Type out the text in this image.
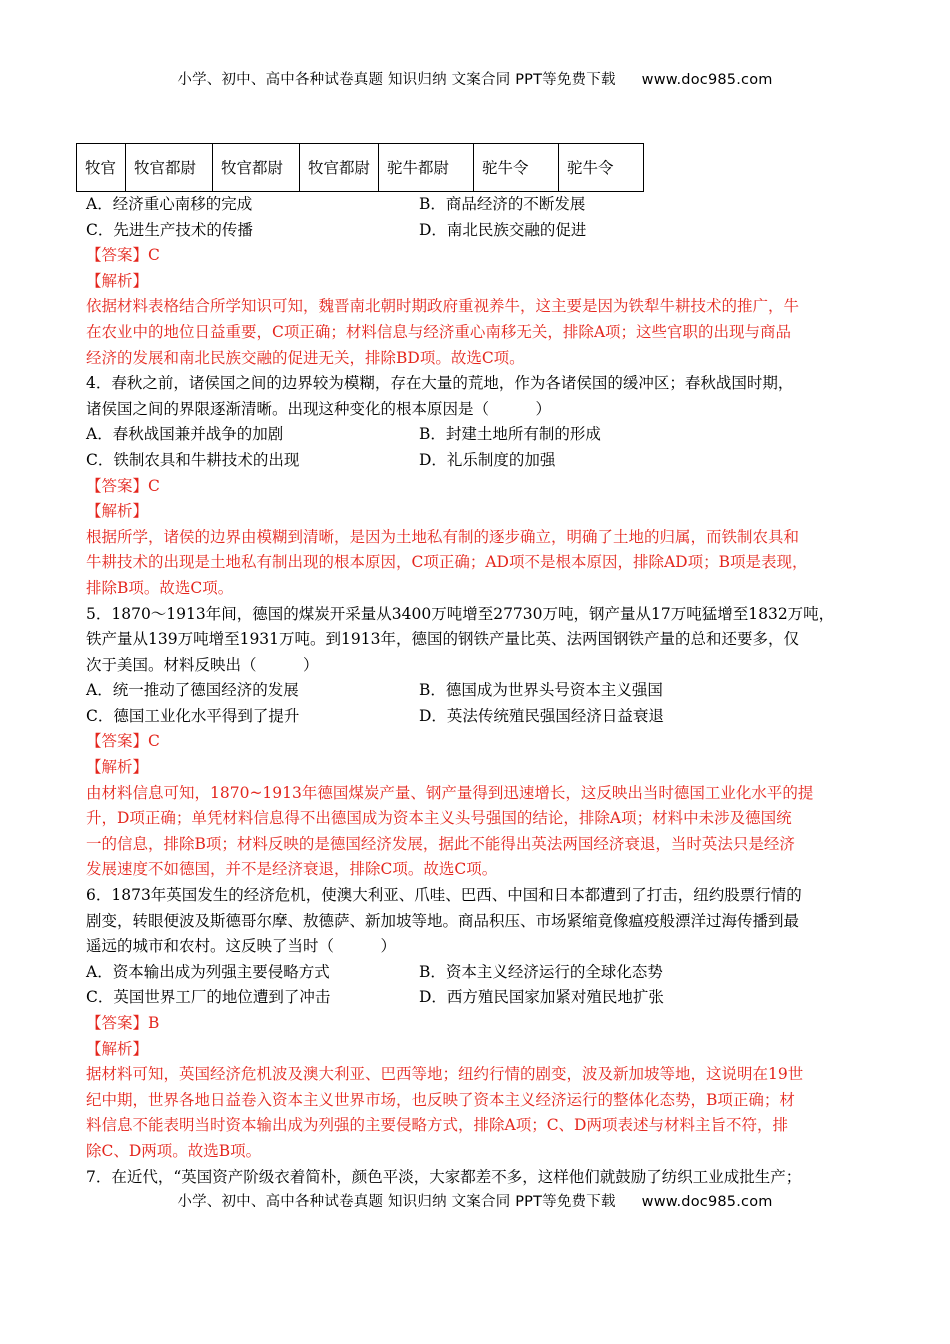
小学、初中、高中各种试卷真题 知识归纳 文案合同 PPT等免费下载 www.doc985.com
牧官	牧官都尉	牧官都尉	牧官都尉	驼牛都尉	驼牛令	驼牛令
A．经济重心南移的完成	B．商品经济的不断发展
C．先进生产技术的传播	D．南北民族交融的促进
【答案】C
【解析】
依据材料表格结合所学知识可知，魏晋南北朝时期政府重视养牛，这主要是因为铁犁牛耕技术的推广，牛
在农业中的地位日益重要，C项正确；材料信息与经济重心南移无关，排除A项；这些官职的出现与商品
经济的发展和南北民族交融的促进无关，排除BD项。故选C项。
4．春秋之前，诸侯国之间的边界较为模糊，存在大量的荒地，作为各诸侯国的缓冲区；春秋战国时期，
诸侯国之间的界限逐渐清晰。出现这种变化的根本原因是（　　　）
A．春秋战国兼并战争的加剧	B．封建土地所有制的形成
C．铁制农具和牛耕技术的出现	D．礼乐制度的加强
【答案】C
【解析】
根据所学，诸侯的边界由模糊到清晰，是因为土地私有制的逐步确立，明确了土地的归属，而铁制农具和
牛耕技术的出现是土地私有制出现的根本原因，C项正确；AD项不是根本原因，排除AD项；B项是表现，
排除B项。故选C项。
5．1870～1913年间，德国的煤炭开采量从3400万吨增至27730万吨，钢产量从17万吨猛增至1832万吨，
铁产量从139万吨增至1931万吨。到1913年，德国的钢铁产量比英、法两国钢铁产量的总和还要多，仅
次于美国。材料反映出（　　　）
A．统一推动了德国经济的发展	B．德国成为世界头号资本主义强国
C．德国工业化水平得到了提升	D．英法传统殖民强国经济日益衰退
【答案】C
【解析】
由材料信息可知，1870~1913年德国煤炭产量、钢产量得到迅速增长，这反映出当时德国工业化水平的提
升，D项正确；单凭材料信息得不出德国成为资本主义头号强国的结论，排除A项；材料中未涉及德国统
一的信息，排除B项；材料反映的是德国经济发展，据此不能得出英法两国经济衰退，当时英法只是经济
发展速度不如德国，并不是经济衰退，排除C项。故选C项。
6．1873年英国发生的经济危机，使澳大利亚、爪哇、巴西、中国和日本都遭到了打击，纽约股票行情的
剧变，转眼便波及斯德哥尔摩、敖德萨、新加坡等地。商品积压、市场紧缩竟像瘟疫般漂洋过海传播到最
遥远的城市和农村。这反映了当时（　　　）
A．资本输出成为列强主要侵略方式	B．资本主义经济运行的全球化态势
C．英国世界工厂的地位遭到了冲击	D．西方殖民国家加紧对殖民地扩张
【答案】B
【解析】
据材料可知，英国经济危机波及澳大利亚、巴西等地；纽约行情的剧变，波及新加坡等地，这说明在19世
纪中期，世界各地日益卷入资本主义世界市场，也反映了资本主义经济运行的整体化态势，B项正确；材
料信息不能表明当时资本输出成为列强的主要侵略方式，排除A项；C、D两项表述与材料主旨不符，排
除C、D两项。故选B项。
7．在近代，“英国资产阶级衣着简朴，颜色平淡，大家都差不多，这样他们就鼓励了纺织工业成批生产；
小学、初中、高中各种试卷真题 知识归纳 文案合同 PPT等免费下载 www.doc985.com
